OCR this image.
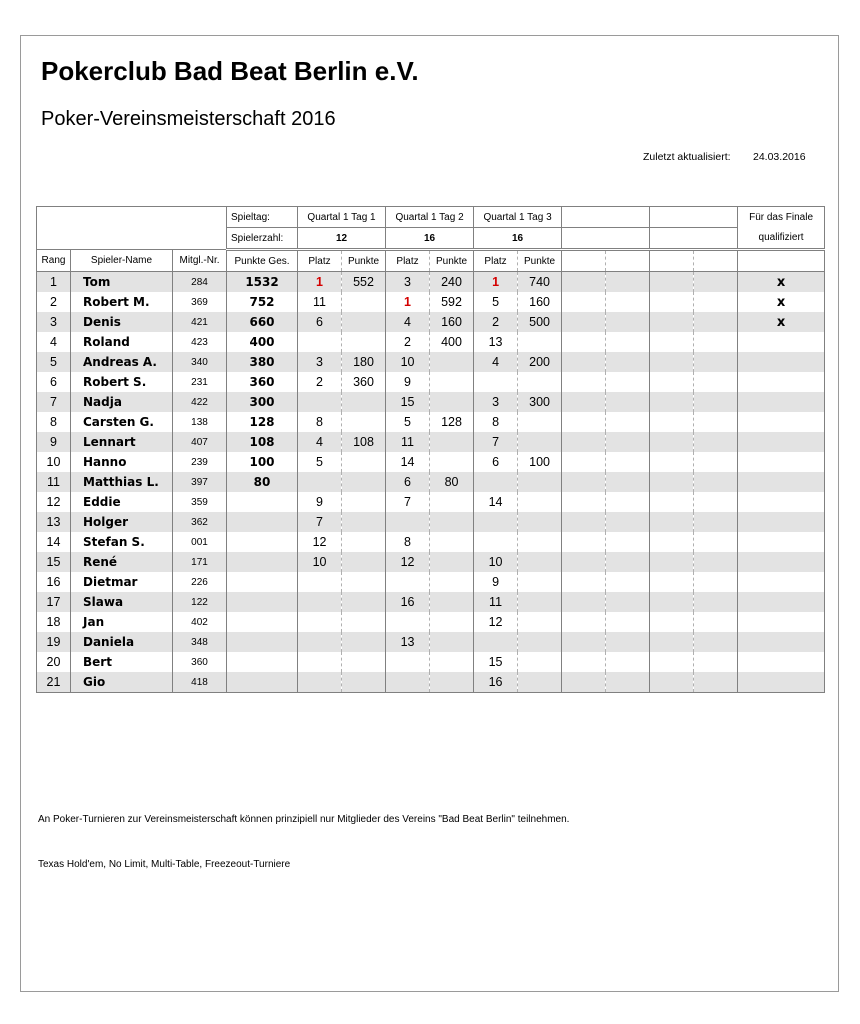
Pokerclub Bad Beat Berlin e.V.
Poker-Vereinsmeisterschaft 2016
Zuletzt aktualisiert: 24.03.2016
			Spieltag:	Quartal 1 Tag 1		Quartal 1 Tag 2		Quartal 1 Tag 3						Für das Finale
			Spielerzahl:	12		16		16						qualifiziert
Rang	Spieler-Name	Mitgl.-Nr.	Punkte Ges.	Platz	Punkte	Platz	Punkte	Platz	Punkte					
1	Tom	284	1532	1	552	3	240	1	740					x
2	Robert M.	369	752	11		1	592	5	160					x
3	Denis	421	660	6		4	160	2	500					x
4	Roland	423	400			2	400	13						
5	Andreas A.	340	380	3	180	10		4	200					
6	Robert S.	231	360	2	360	9								
7	Nadja	422	300			15		3	300					
8	Carsten G.	138	128	8		5	128	8						
9	Lennart	407	108	4	108	11		7						
10	Hanno	239	100	5		14		6	100					
11	Matthias L.	397	80			6	80							
12	Eddie	359		9		7		14						
13	Holger	362		7										
14	Stefan S.	001		12		8								
15	René	171		10		12		10						
16	Dietmar	226						9						
17	Slawa	122				16		11						
18	Jan	402						12						
19	Daniela	348				13								
20	Bert	360						15						
21	Gio	418						16						
An Poker-Turnieren zur Vereinsmeisterschaft können prinzipiell nur Mitglieder des Vereins "Bad Beat Berlin" teilnehmen.
Texas Hold'em, No Limit, Multi-Table, Freezeout-Turniere
